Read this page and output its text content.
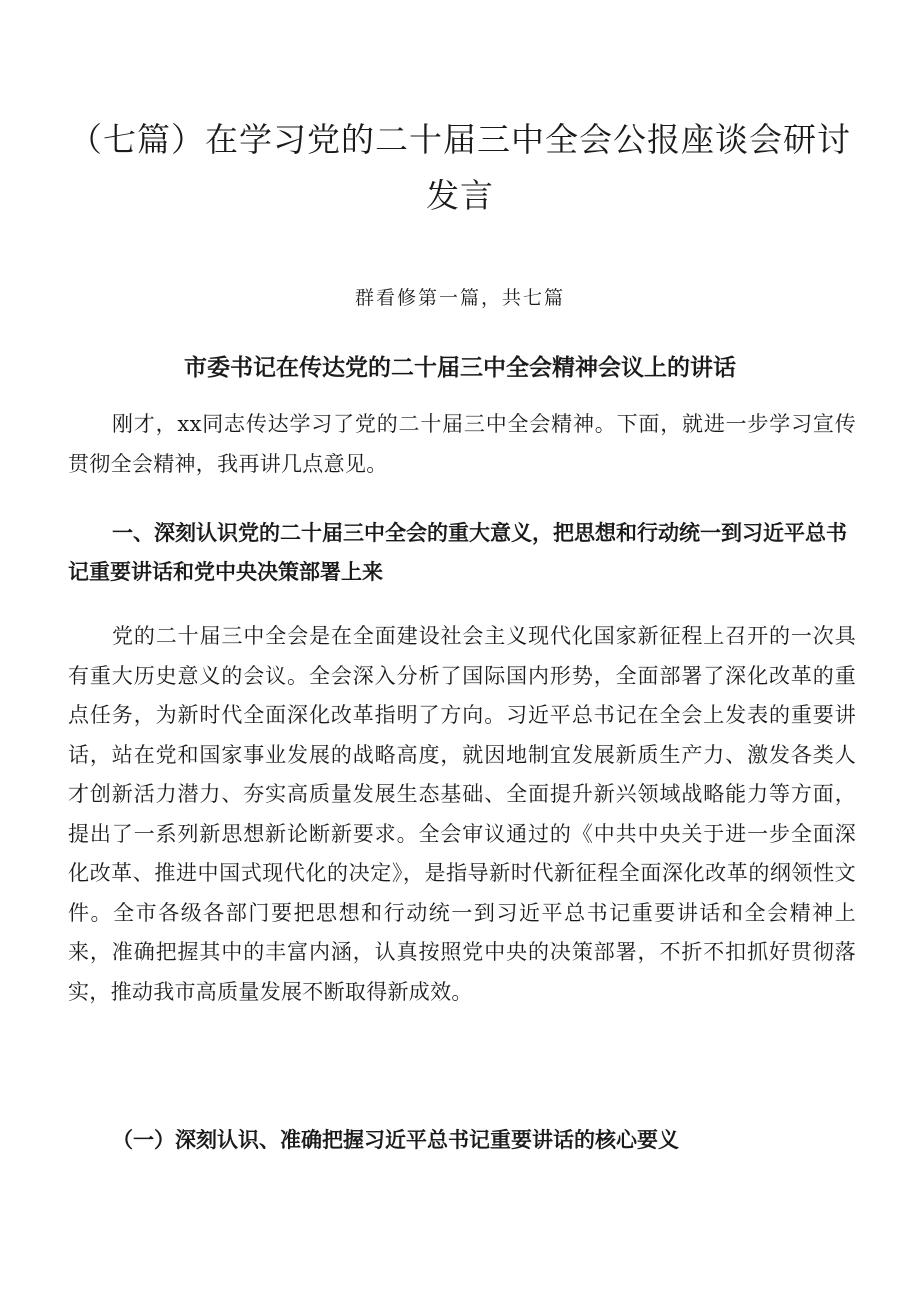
（七篇）在学习党的二十届三中全会公报座谈会研讨发言

群看修第一篇，共七篇

市委书记在传达党的二十届三中全会精神会议上的讲话

刚才，xx同志传达学习了党的二十届三中全会精神。下面，就进一步学习宣传贯彻全会精神，我再讲几点意见。

一、深刻认识党的二十届三中全会的重大意义，把思想和行动统一到习近平总书记重要讲话和党中央决策部署上来

党的二十届三中全会是在全面建设社会主义现代化国家新征程上召开的一次具有重大历史意义的会议。全会深入分析了国际国内形势，全面部署了深化改革的重点任务，为新时代全面深化改革指明了方向。习近平总书记在全会上发表的重要讲话，站在党和国家事业发展的战略高度，就因地制宜发展新质生产力、激发各类人才创新活力潜力、夯实高质量发展生态基础、全面提升新兴领域战略能力等方面，提出了一系列新思想新论断新要求。全会审议通过的《中共中央关于进一步全面深化改革、推进中国式现代化的决定》，是指导新时代新征程全面深化改革的纲领性文件。全市各级各部门要把思想和行动统一到习近平总书记重要讲话和全会精神上来，准确把握其中的丰富内涵，认真按照党中央的决策部署，不折不扣抓好贯彻落实，推动我市高质量发展不断取得新成效。

（一）深刻认识、准确把握习近平总书记重要讲话的核心要义
